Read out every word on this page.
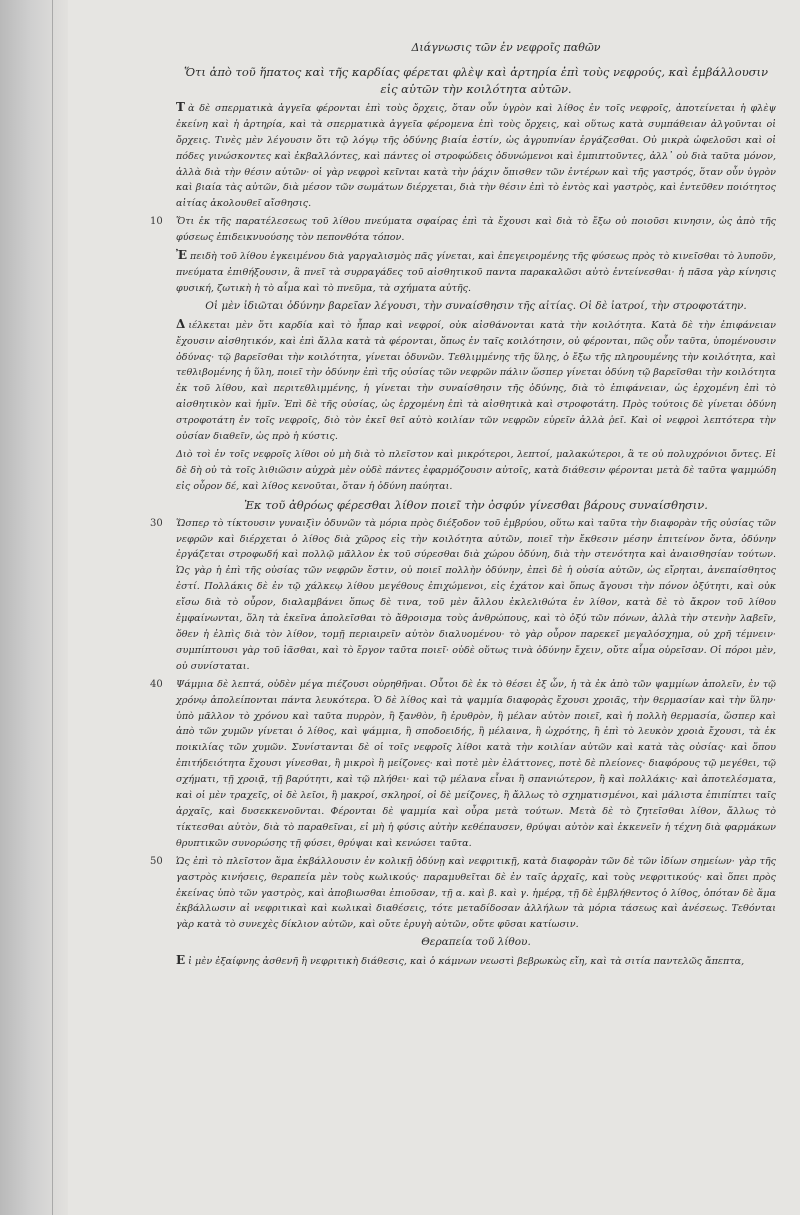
Διάγνωσις τῶν ἐν νεφροῖς παθῶν
Ὅτι ἀπὸ τοῦ ἥπατος καὶ τῆς καρδίας φέρεται φλὲψ καὶ ἀρτηρία ἐπὶ τοὺς νεφρούς, καὶ ἐμβάλλουσιν εἰς αὐτῶν τὴν κοιλότητα αὐτῶν.
Τ ὰ δὲ σπερματικὰ ἀγγεῖα φέρονται ἐπὶ τοὺς ὄρχεις, ὅταν οὖν ὑγρὸν καὶ λίθος ἐν τοῖς νεφροῖς, ἀποτείνεται ἡ φλὲψ ἐκείνη καὶ ἡ ἀρτηρία, καὶ τὰ σπερματικὰ ἀγγεῖα φέρομενα ἐπὶ τοὺς ὄρχεις, καὶ οὕτως κατὰ συμπάθειαν ἀλγοῦνται οἱ ὄρχεις. Τινὲς μὲν λέγουσιν ὅτι τῷ λόγῳ τῆς ὀδύνης βιαία ἐστίν, ὡς ἀγρυπνίαν ἐργάζεσθαι. Οὐ μικρὰ ὠφελοῦσι καὶ οἱ πόδες γινώσκοντες καὶ ἐκβαλλόντες, καὶ πάντες οἱ στροφώδεις ὀδυνώμενοι καὶ ἐμπιπτοῦντες, ἀλλ᾽ οὐ διὰ ταῦτα μόνον, ἀλλὰ διὰ τὴν θέσιν αὐτῶν· οἱ γὰρ νεφροὶ κεῖνται κατὰ τὴν ῥάχιν ὄπισθεν τῶν ἐντέρων καὶ τῆς γαστρός, ὅταν οὖν ὑγρὸν καὶ βιαία τὰς αὐτῶν, διὰ μέσον τῶν σωμάτων διέρχεται, διὰ τὴν θέσιν ἐπὶ τὸ ἐντὸς καὶ γαστρὸς, καὶ ἐντεῦθεν ποιότητος αἰτίας ἀκολουθεῖ αἴσθησις.
Ὅτι ἐκ τῆς παρατέλεσεως τοῦ λίθου πνεύματα σφαίρας ἐπὶ τὰ ἔχουσι καὶ διὰ τὸ ἔξω οὐ ποιοῦσι κινησιν, ὡς ἀπὸ τῆς φύσεως ἐπιδεικνυούσης τὸν πεπονθότα τόπον.
Ἐ πειδὴ τοῦ λίθου ἐγκειμένου διὰ γαργαλισμὸς πᾶς γίνεται, καὶ ἐπεγειρομένης τῆς φύσεως πρὸς τὸ κινεῖσθαι τὸ λυποῦν, πνεύματα ἐπιθήξουσιν, ἃ πνεῖ τὰ συρραγάδες τοῦ αἰσθητικοῦ παντα παρακαλῶσι αὐτὸ ἐντείνεσθαι· ἡ πᾶσα γὰρ κίνησις φυσική, ζωτικὴ ἡ τὸ αἷμα καὶ τὸ πνεῦμα, τὰ σχήματα αὐτῆς.
Οἱ μὲν ἰδιῶται ὀδύνην βαρεῖαν λέγουσι, τὴν συναίσθησιν τῆς αἰτίας. Οἱ δὲ ἰατροί, τὴν στροφοτάτην.
Δ ιέλκεται μὲν ὅτι καρδία καὶ τὸ ἧπαρ καὶ νεφροί, οὐκ αἰσθάνονται κατὰ τὴν κοιλότητα. Κατὰ δὲ τὴν ἐπιφάνειαν ἔχουσιν αἰσθητικόν, καὶ ἐπὶ ἄλλα κατὰ τὰ φέρονται, ὅπως ἐν ταῖς κοιλότησιν, οὐ φέρονται, πῶς οὖν ταῦτα, ὑπομένουσιν ὀδύνας· τῷ βαρεῖσθαι τὴν κοιλότητα, γίνεται ὀδυνῶν. Τεθλιμμένης τῆς ὕλης, ὁ ἔξω τῆς πληρουμένης τὴν κοιλότητα, καὶ τεθλιβομένης ἡ ὕλη, ποιεῖ τὴν ὀδύνην ἐπὶ τῆς οὐσίας τῶν νεφρῶν πάλιν ὥσπερ γίνεται ὀδύνη τῷ βαρεῖσθαι τὴν κοιλότητα ἐκ τοῦ λίθου, καὶ περιτεθλιμμένης, ἡ γίνεται τὴν συναίσθησιν τῆς ὀδύνης, διὰ τὸ ἐπιφάνειαν, ὡς ἐρχομένη ἐπὶ τὸ αἰσθητικὸν καὶ ἡμῖν. Ἐπὶ δὲ τῆς οὐσίας, ὡς ἐρχομένη ἐπὶ τὰ αἰσθητικὰ καὶ στροφοτάτη. Πρὸς τούτοις δὲ γίνεται ὀδύνη στροφοτάτη ἐν τοῖς νεφροῖς, διὸ τὸν ἐκεῖ θεῖ αὐτὸ κοιλίαν τῶν νεφρῶν εὑρεῖν ἀλλὰ ῥεῖ. Καὶ οἱ νεφροὶ λεπτότερα τὴν οὐσίαν διαθεῖν, ὡς πρὸ ἡ κύστις.
Διὸ τοὶ ἐν τοῖς νεφροῖς λίθοι οὐ μὴ διὰ τὸ πλεῖστον καὶ μικρότεροι, λεπτοί, μαλακώτεροι, ἃ τε οὐ πολυχρόνιοι ὄντες. Εἰ δὲ δὴ οὐ τὰ τοῖς λιθιῶσιν αὐχρὰ μὲν οὐδὲ πάντες ἐφαρμόζουσιν αὐτοῖς, κατὰ διάθεσιν φέρονται μετὰ δὲ ταῦτα ψαμμώδη εἰς οὖρον δέ, καὶ λίθος κενοῦται, ὅταν ἡ ὀδύνη παύηται.
Ἐκ τοῦ ἀθρόως φέρεσθαι λίθον ποιεῖ τὴν ὀσφύν γίνεσθαι βάρους συναίσθησιν.
Ὥσπερ τὸ τίκτουσιν γυναιξὶν ὀδυνῶν τὰ μόρια πρὸς διέξοδον τοῦ ἐμβρύου, οὕτω καὶ ταῦτα τὴν διαφορὰν τῆς οὐσίας τῶν νεφρῶν καὶ διέρχεται ὁ λίθος διὰ χῶρος εἰς τὴν κοιλότητα αὐτῶν, ποιεῖ τὴν ἔκθεσιν μέσην ἐπιτείνον ὄντα, ὀδύνην ἐργάζεται στροφωδή καὶ πολλῷ μᾶλλον ἐκ τοῦ σύρεσθαι διὰ χώρου ὀδύνη, διὰ τὴν στενότητα καὶ ἀναισθησίαν τούτων. Ὡς γὰρ ἡ ἐπὶ τῆς οὐσίας τῶν νεφρῶν ἔστιν, οὐ ποιεῖ πολλὴν ὀδύνην, ἐπεὶ δὲ ἡ οὐσία αὐτῶν, ὡς εἴρηται, ἀνεπαίσθητος ἐστί. Πολλάκις δὲ ἐν τῷ χάλκεῳ λίθου μεγέθους ἐπιχώμενοι, εἰς ἐχάτον καὶ ὅπως ἄγουσι τὴν πόνον ὀξύτητι, καὶ οὐκ εἴσω διὰ τὸ οὖρον, διαλαμβάνει ὅπως δὲ τινα, τοῦ μὲν ἄλλου ἐκλελιθώτα ἐν λίθον, κατὰ δὲ τὸ ἄκρον τοῦ λίθου ἐμφαίνωνται, ὅλη τὰ ἐκεῖνα ἀπολεῖσθαι τὸ ἄθροισμα τοὺς ἀνθρώπους, καὶ τὸ ὀξύ τῶν πόνων, ἀλλὰ τὴν στενὴν λαβεῖν, ὅθεν ἡ ἐλπὶς διὰ τὸν λίθον, τομῇ περιαιρεῖν αὐτὸν διαλυομένου· τὸ γὰρ οὖρον παρεκεῖ μεγαλόσχημα, οὐ χρῆ τέμνειν· συμπίπτουσι γὰρ τοῦ ἰᾶσθαι, καὶ τὸ ἔργον ταῦτα ποιεῖ· οὐδὲ οὕτως τινὰ ὀδύνην ἔχειν, οὔτε αἷμα οὐρεῖσαν. Οἱ πόροι μὲν, οὐ συνίσταται.
Ψάμμια δὲ λεπτά, οὐδὲν μέγα πιέζουσι οὐρηθῆναι. Οὗτοι δὲ ἐκ τὸ θέσει ἐξ ὧν, ἡ τὰ ἐκ ἀπὸ τῶν ψαμμίων ἀπολεῖν, ἐν τῷ χρόνῳ ἀπολείπονται πάντα λευκότερα. Ὁ δὲ λίθος καὶ τὰ ψαμμία διαφορὰς ἔχουσι χροιᾶς, τὴν θερμασίαν καὶ τὴν ὕλην· ὑπὸ μᾶλλον τὸ χρόνου καὶ ταῦτα πυρρὸν, ἢ ξανθὸν, ἢ ἐρυθρὸν, ἢ μέλαν αὐτὸν ποιεῖ, καὶ ἡ πολλὴ θερμασία, ὥσπερ καὶ ἀπὸ τῶν χυμῶν γίνεται ὁ λίθος, καὶ ψάμμια, ἢ σποδοειδής, ἢ μέλαινα, ἢ ὠχρότης, ἢ ἐπὶ τὸ λευκὸν χροιὰ ἔχουσι, τὰ ἐκ ποικιλίας τῶν χυμῶν. Συνίστανται δὲ οἱ τοῖς νεφροῖς λίθοι κατὰ τὴν κοιλίαν αὐτῶν καὶ κατὰ τὰς οὐσίας· καὶ ὅπου ἐπιτήδειότητα ἔχουσι γίνεσθαι, ἢ μικροὶ ἢ μείζονες· καὶ ποτὲ μὲν ἐλάττονες, ποτὲ δὲ πλείονες· διαφόρους τῷ μεγέθει, τῷ σχήματι, τῇ χροιᾷ, τῇ βαρύτητι, καὶ τῷ πλήθει· καὶ τῷ μέλανα εἶναι ἢ σπανιώτερον, ἢ καὶ πολλάκις· καὶ ἀποτελέσματα, καὶ οἱ μὲν τραχεῖς, οἱ δὲ λεῖοι, ἢ μακροί, σκληροί, οἱ δὲ μείζονες, ἢ ἄλλως τὸ σχηματισμένοι, καὶ μάλιστα ἐπιπίπτει ταῖς ἀρχαῖς, καὶ δυσεκκενοῦνται. Φέρονται δὲ ψαμμία καὶ οὖρα μετὰ τούτων. Μετὰ δὲ τὸ ζητεῖσθαι λίθον, ἄλλως τὸ τίκτεσθαι αὐτὸν, διὰ τὸ παραθεῖναι, εἰ μὴ ἡ φύσις αὐτὴν κεθέπαυσεν, θρύψαι αὐτὸν καὶ ἐκκενεῖν ἡ τέχνη διὰ φαρμάκων θρυπτικῶν συνορώσης τῇ φύσει, θρύψαι καὶ κενώσει ταῦτα.
Ὡς ἐπὶ τὸ πλεῖστον ἅμα ἐκβάλλουσιν ἐν κολικῇ ὀδύνῃ καὶ νεφριτικῇ, κατὰ διαφορὰν τῶν δὲ τῶν ἰδίων σημείων· γὰρ τῆς γαστρὸς κινήσεις, θεραπεία μὲν τοὺς κωλικούς· παραμυθεῖται δὲ ἐν ταῖς ἀρχαῖς, καὶ τοὺς νεφριτικούς· καὶ ὅπει πρὸς ἐκείνας ὑπὸ τῶν γαστρὸς, καὶ ἀποβιωσθαι ἐπιοῦσαν, τῇ α. καὶ β. καὶ γ. ἡμέρᾳ, τῇ δὲ ἐμβλήθεντος ὁ λίθος, ὁπόταν δὲ ἅμα ἐκβάλλωσιν αἱ νεφριτικαὶ καὶ κωλικαὶ διαθέσεις, τότε μεταδίδοσαν ἀλλήλων τὰ μόρια τάσεως καὶ ἀνέσεως. Τεθόνται γὰρ κατὰ τὸ συνεχὲς δίκλιον αὐτῶν, καὶ οὔτε ἐρυγὴ αὐτῶν, οὔτε φῦσαι κατίωσιν.
Θεραπεία τοῦ λίθου.
Ε ἰ μὲν ἐξαίφνης ἀσθενῆ ἢ νεφριτικὴ διάθεσις, καὶ ὁ κάμνων νεωστὶ βεβρωκὼς εἴη, καὶ τὰ σιτία παντελῶς ἄπεπτα,
10
30
40
50
